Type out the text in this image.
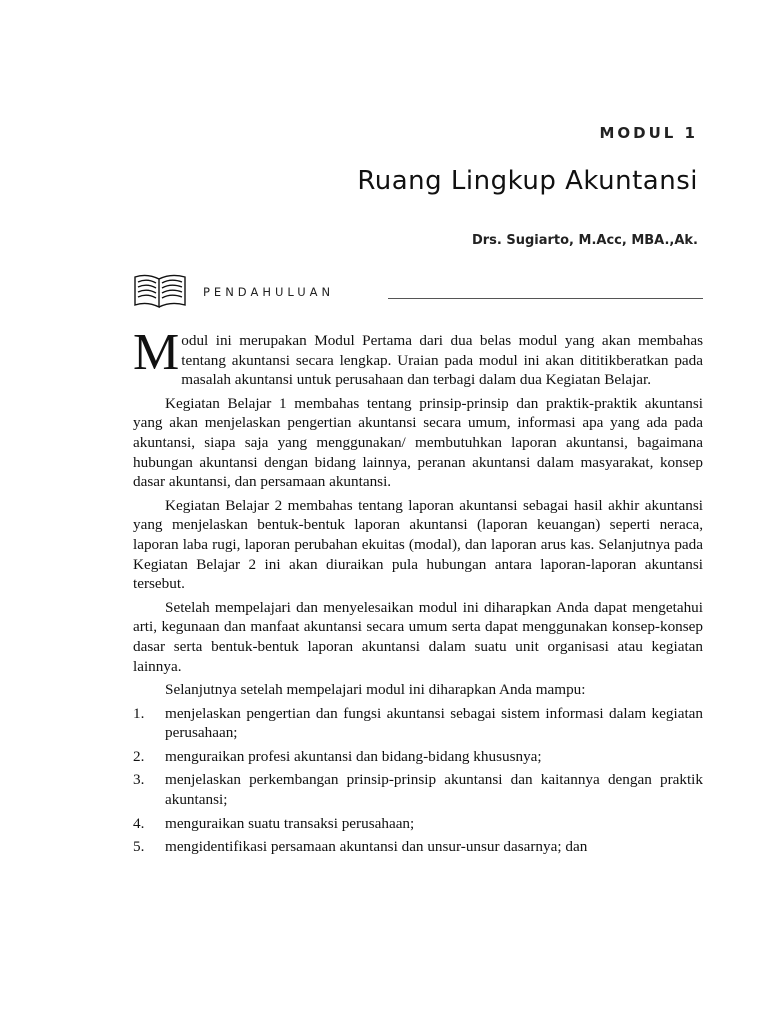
MODUL 1
Ruang Lingkup Akuntansi
Drs. Sugiarto, M.Acc, MBA.,Ak.
PENDAHULUAN

Modul ini merupakan Modul Pertama dari dua belas modul yang akan membahas tentang akuntansi secara lengkap. Uraian pada modul ini akan dititikberatkan pada masalah akuntansi untuk perusahaan dan terbagi dalam dua Kegiatan Belajar.

Kegiatan Belajar 1 membahas tentang prinsip-prinsip dan praktik-praktik akuntansi yang akan menjelaskan pengertian akuntansi secara umum, informasi apa yang ada pada akuntansi, siapa saja yang menggunakan/ membutuhkan laporan akuntansi, bagaimana hubungan akuntansi dengan bidang lainnya, peranan akuntansi dalam masyarakat, konsep dasar akuntansi, dan persamaan akuntansi.

Kegiatan Belajar 2 membahas tentang laporan akuntansi sebagai hasil akhir akuntansi yang menjelaskan bentuk-bentuk laporan akuntansi (laporan keuangan) seperti neraca, laporan laba rugi, laporan perubahan ekuitas (modal), dan laporan arus kas. Selanjutnya pada Kegiatan Belajar 2 ini akan diuraikan pula hubungan antara laporan-laporan akuntansi tersebut.

Setelah mempelajari dan menyelesaikan modul ini diharapkan Anda dapat mengetahui arti, kegunaan dan manfaat akuntansi secara umum serta dapat menggunakan konsep-konsep dasar serta bentuk-bentuk laporan akuntansi dalam suatu unit organisasi atau kegiatan lainnya.

Selanjutnya setelah mempelajari modul ini diharapkan Anda mampu:

1. menjelaskan pengertian dan fungsi akuntansi sebagai sistem informasi dalam kegiatan perusahaan;
2. menguraikan profesi akuntansi dan bidang-bidang khususnya;
3. menjelaskan perkembangan prinsip-prinsip akuntansi dan kaitannya dengan praktik akuntansi;
4. menguraikan suatu transaksi perusahaan;
5. mengidentifikasi persamaan akuntansi dan unsur-unsur dasarnya; dan
